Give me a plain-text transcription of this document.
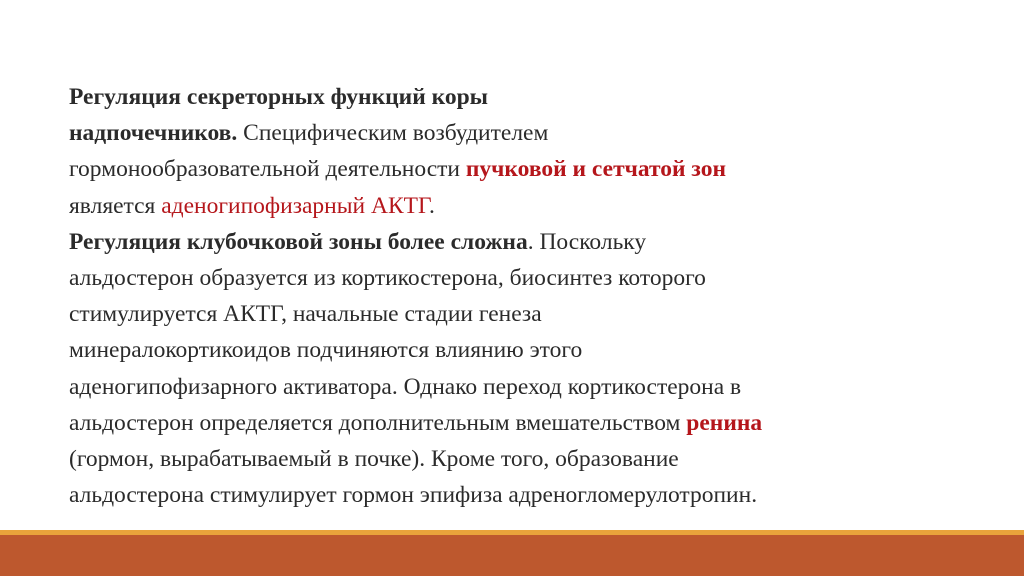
Регуляция секреторных функций коры
надпочечников. Специфическим возбудителем
гормонообразовательной деятельности пучковой и сетчатой зон
является аденогипофизарный АКТГ.

Регуляция клубочковой зоны более сложна. Поскольку
альдостерон образуется из кортикостерона, биосинтез которого
стимулируется АКТГ, начальные стадии генеза
минералокортикоидов подчиняются влиянию этого
аденогипофизарного активатора. Однако переход кортикостерона в
альдостерон определяется дополнительным вмешательством ренина
(гормон, вырабатываемый в почке). Кроме того, образование
альдостерона стимулирует гормон эпифиза адреногломерулотропин.
